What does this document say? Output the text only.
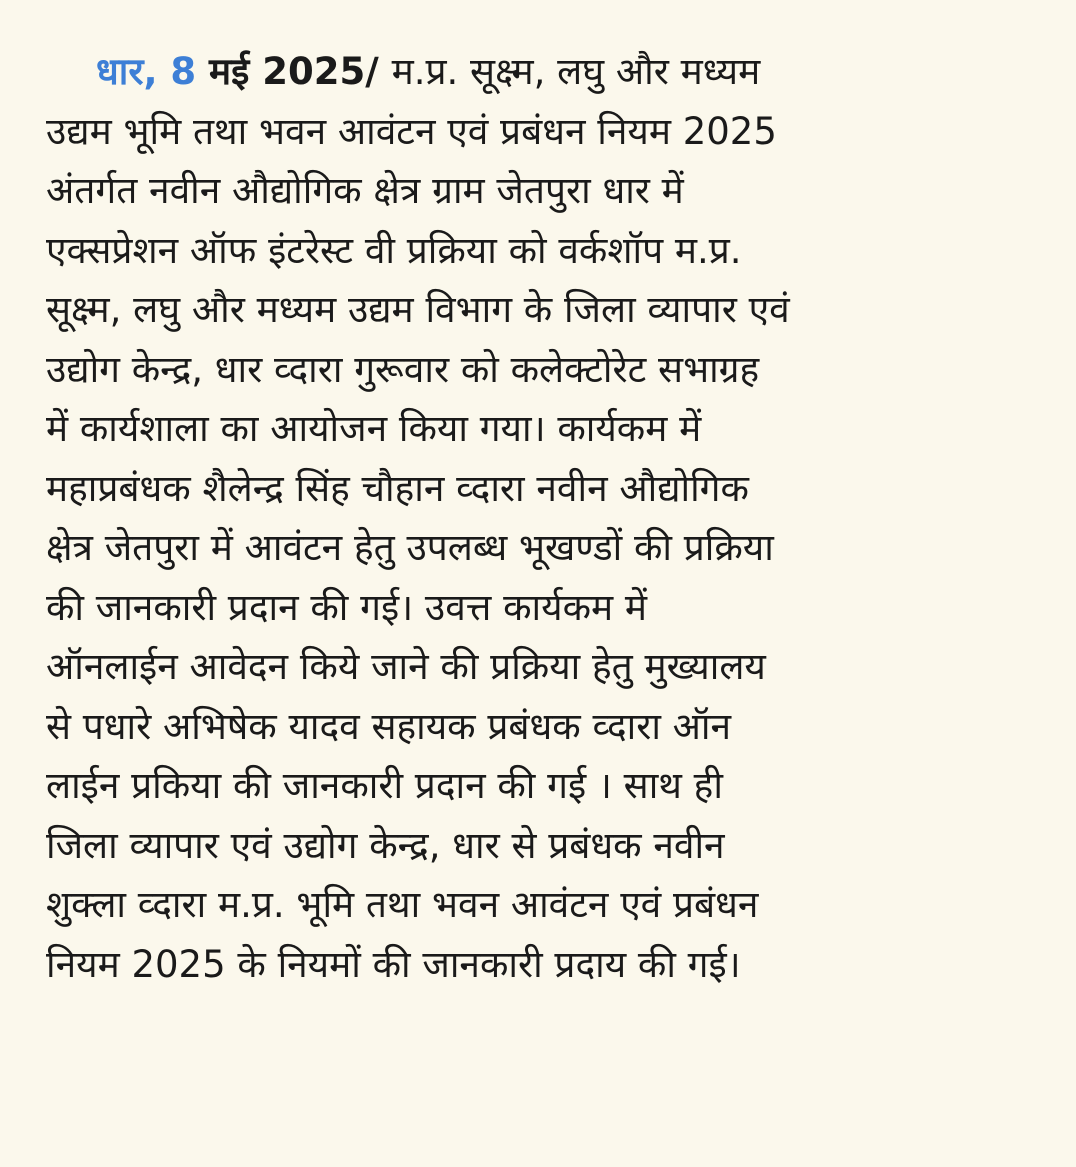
धार, 8 मई 2025/ म.प्र. सूक्ष्म, लघु और मध्यम
उद्यम भूमि तथा भवन आवंटन एवं प्रबंधन नियम 2025
अंतर्गत नवीन औद्योगिक क्षेत्र ग्राम जेतपुरा धार में
एक्सप्रेशन ऑफ इंटरेस्ट वी प्रक्रिया को वर्कशॉप म.प्र.
सूक्ष्म, लघु और मध्यम उद्यम विभाग के जिला व्यापार एवं
उद्योग केन्द्र, धार व्दारा गुरूवार को कलेक्टोरेट सभाग्रह
में कार्यशाला का आयोजन किया गया। कार्यकम में
महाप्रबंधक शैलेन्द्र सिंह चौहान व्दारा नवीन औद्योगिक
क्षेत्र जेतपुरा में आवंटन हेतु उपलब्ध भूखण्डों की प्रक्रिया
की जानकारी प्रदान की गई। उवत्त कार्यकम में
ऑनलाईन आवेदन किये जाने की प्रक्रिया हेतु मुख्यालय
से पधारे अभिषेक यादव सहायक प्रबंधक व्दारा ऑन
लाईन प्रकिया की जानकारी प्रदान की गई । साथ ही
जिला व्यापार एवं उद्योग केन्द्र, धार से प्रबंधक नवीन
शुक्ला व्दारा म.प्र. भूमि तथा भवन आवंटन एवं प्रबंधन
नियम 2025 के नियमों की जानकारी प्रदाय की गई।
